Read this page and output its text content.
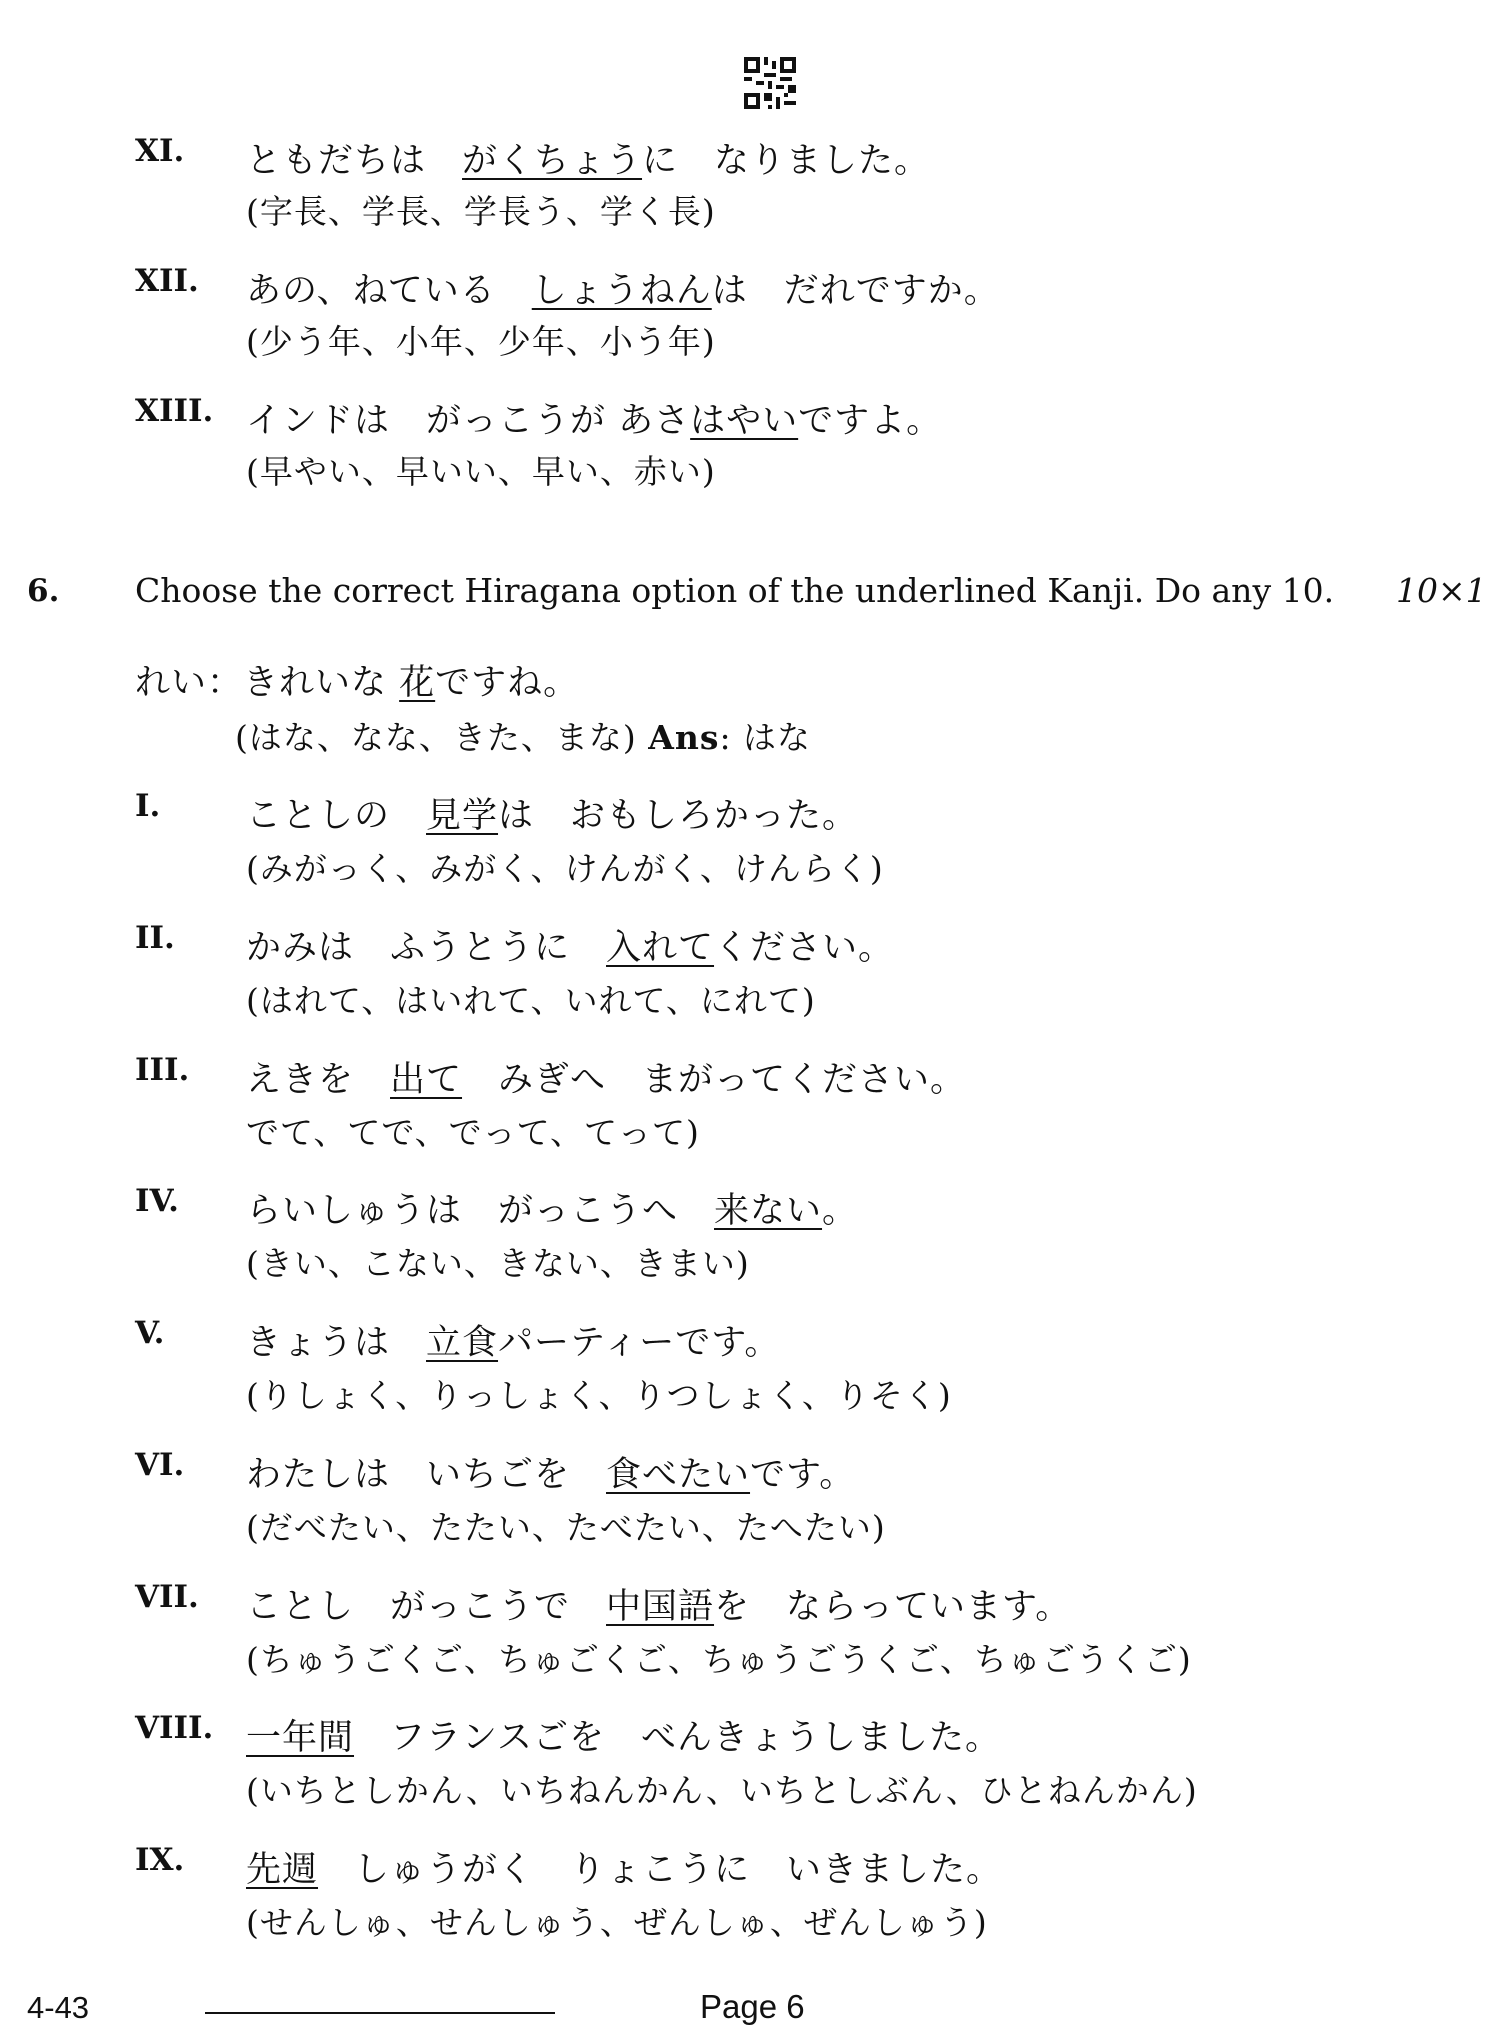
XI. ともだちは　がくちょうに　なりました。
(字長、学長、学長う、学く長)
XII. あの、ねている　しょうねんは　だれですか。
(少う年、小年、少年、小う年)
XIII. インドは　がっこうが あさはやいですよ。
(早やい、早いい、早い、赤い)
6. Choose the correct Hiragana option of the underlined Kanji. Do any 10. 10×1
れい：きれいな 花ですね。
(はな、なな、きた、まな) Ans: はな
I. ことしの　見学は　おもしろかった。
(みがっく、みがく、けんがく、けんらく)
II. かみは　ふうとうに　入れてください。
(はれて、はいれて、いれて、にれて)
III. えきを　出て　みぎへ　まがってください。
でて、てで、でって、てって)
IV. らいしゅうは　がっこうへ　来ない。
(きい、こない、きない、きまい)
V. きょうは　立食パーティーです。
(りしょく、りっしょく、りつしょく、りそく)
VI. わたしは　いちごを　食べたいです。
(だべたい、たたい、たべたい、たへたい)
VII. ことし　がっこうで　中国語を　ならっています。
(ちゅうごくご、ちゅごくご、ちゅうごうくご、ちゅごうくご)
VIII. 一年間　フランスごを　べんきょうしました。
(いちとしかん、いちねんかん、いちとしぶん、ひとねんかん)
IX. 先週　しゅうがく　りょこうに　いきました。
(せんしゅ、せんしゅう、ぜんしゅ、ぜんしゅう)
4-43	Page 6
